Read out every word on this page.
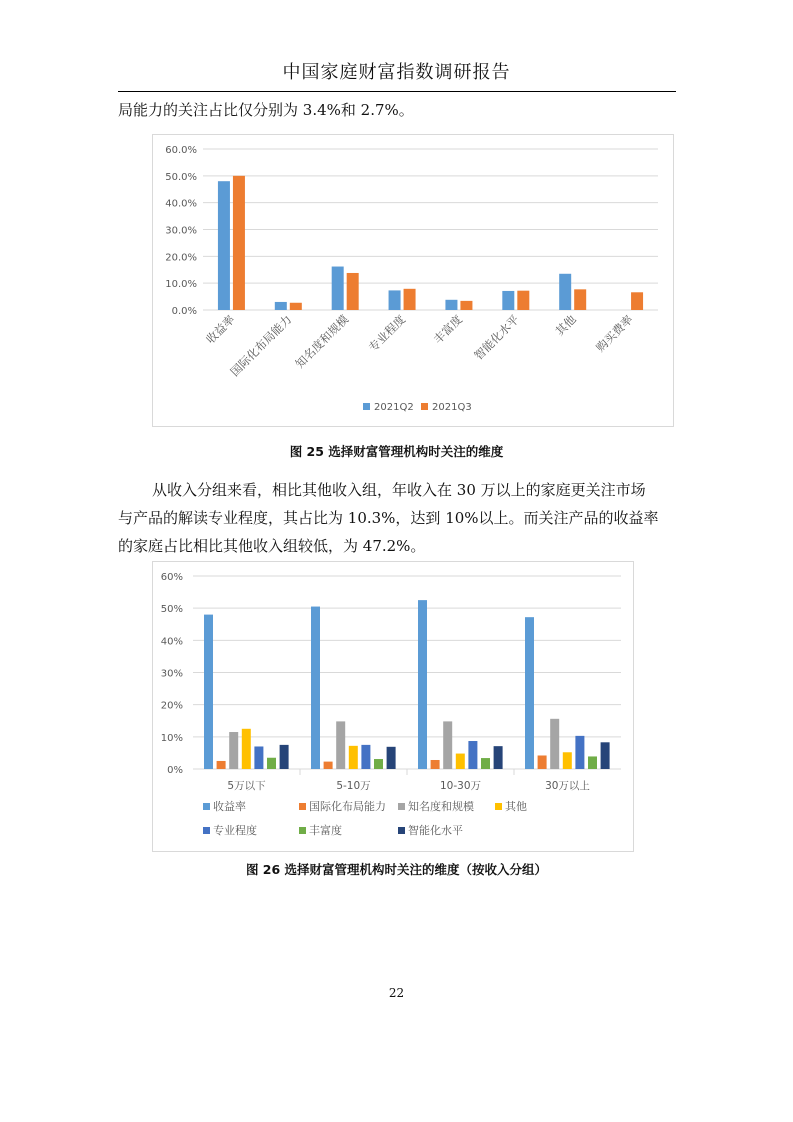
中国家庭财富指数调研报告

局能力的关注占比仅分别为 3.4%和 2.7%。

0.0%
10.0%
20.0%
30.0%
40.0%
50.0%
60.0%
收益率
国际化布局能力
知名度和规模 专业程度 丰富度 智能化水平	其他 购买费率
2021Q2 2021Q3
图 25 选择财富管理机构时关注的维度

从收入分组来看，相比其他收入组，年收入在 30 万以上的家庭更关注市场
与产品的解读专业程度，其占比为 10.3%，达到 10%以上。而关注产品的收益率
的家庭占比相比其他收入组较低，为 47.2%。

0%
10%
20%
30%
40%
50%
60%
5万以下	5-10万	10-30万	30万以上
收益率	国际化布局能力 知名度和规模	其他
专业程度	丰富度	智能化水平
图 26 选择财富管理机构时关注的维度（按收入分组）
22
